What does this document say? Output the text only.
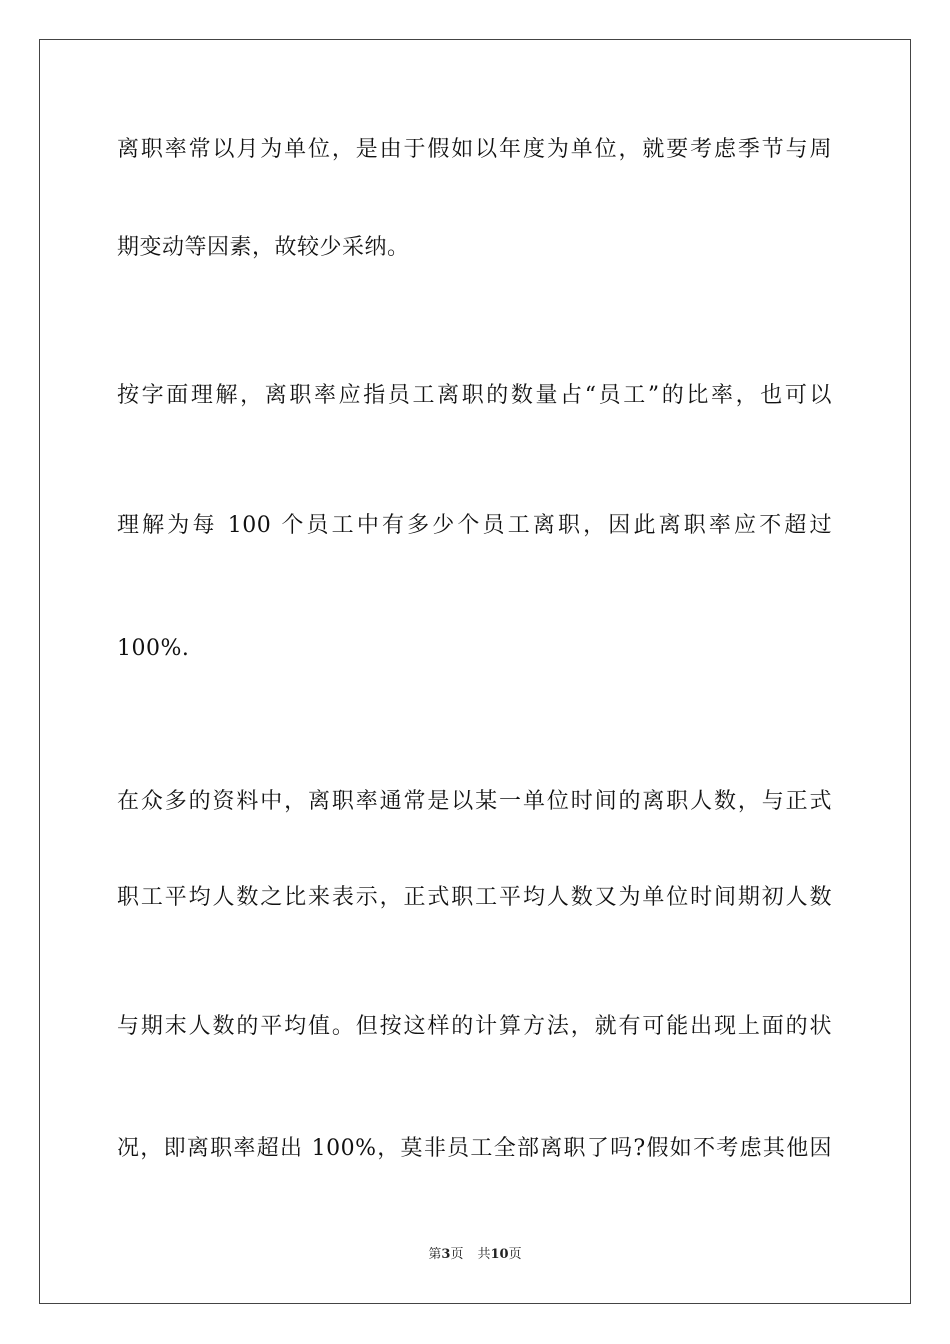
离职率常以月为单位，是由于假如以年度为单位，就要考虑季节与周
期变动等因素，故较少采纳。
按字面理解，离职率应指员工离职的数量占“员工”的比率，也可以
理解为每 100 个员工中有多少个员工离职，因此离职率应不超过
100%.
在众多的资料中，离职率通常是以某一单位时间的离职人数，与正式
职工平均人数之比来表示，正式职工平均人数又为单位时间期初人数
与期末人数的平均值。但按这样的计算方法，就有可能出现上面的状
况，即离职率超出 100%，莫非员工全部离职了吗?假如不考虑其他因
第3页 共10页
